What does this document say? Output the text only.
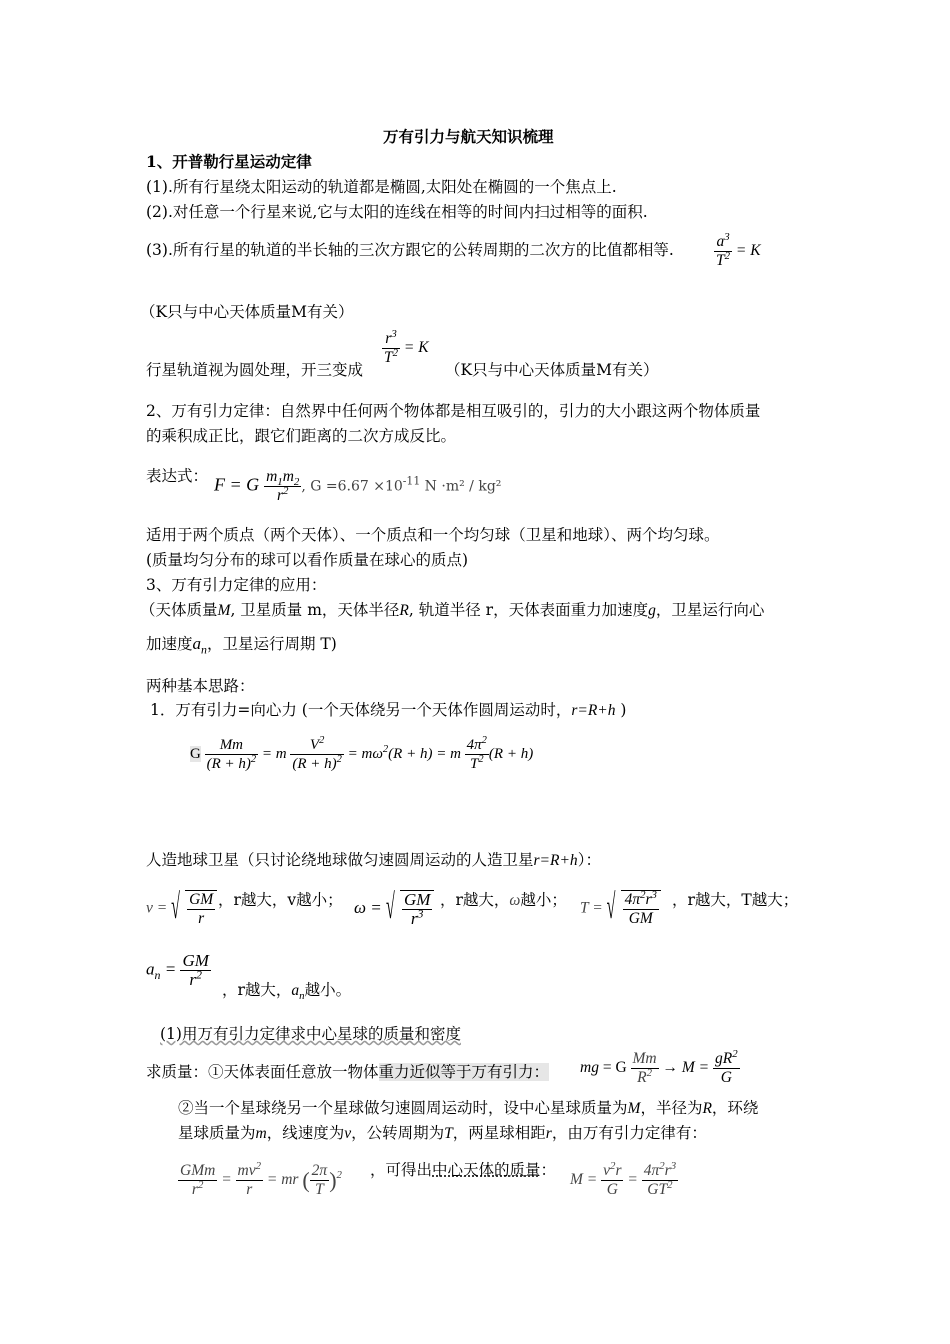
万有引力与航天知识梳理
1、开普勒行星运动定律
(1).所有行星绕太阳运动的轨道都是椭圆,太阳处在椭圆的一个焦点上.
(2).对任意一个行星来说,它与太阳的连线在相等的时间内扫过相等的面积.
(3).所有行星的轨道的半长轴的三次方跟它的公转周期的二次方的比值都相等.	$\frac{a^3}{T^2} = K$
（K只与中心天体质量M有关）
行星轨道视为圆处理，开三变成
$\frac{r^3}{T^2} = K$
（K只与中心天体质量M有关）
2、万有引力定律：自然界中任何两个物体都是相互吸引的，引力的大小跟这两个物体质量
的乘积成正比，跟它们距离的二次方成反比。
表达式： F = G $\frac{m_1m_2}{r^2}$ , $G =6.67 \times 10^{-11}$ N ·m² / kg²
适用于两个质点（两个天体）、一个质点和一个均匀球（卫星和地球）、两个均匀球。
(质量均匀分布的球可以看作质量在球心的质点)
3、万有引力定律的应用：
（天体质量M, 卫星质量 m，天体半径R, 轨道半径 r，天体表面重力加速度g，卫星运行向心
加速度$a_n$，卫星运行周期 T)
两种基本思路：
1．万有引力=向心力 (一个天体绕另一个天体作圆周运动时，r=R+h )
G $\frac{Mm}{(R + h)^2} = m \frac{V^2}{(R + h)^2} = m\omega^2(R + h) = m \frac{4\pi^2}{T^2} (R + h)$
人造地球卫星（只讨论绕地球做匀速圆周运动的人造卫星r=R+h）：
v = √ $\frac{GM}{r}$ ，r越大，v越小； ω = √ $\frac{GM}{r^3}$ ，r越大，ω越小； T = √ $\frac{4\pi^2r^3}{GM}$ ，r越大，T越大；
$a_n = \frac{GM}{r^2}$
，r越大，$a_n$越小。
(1)用万有引力定律求中心星球的质量和密度
求质量：①天体表面任意放一物体重力近似等于万有引力： mg = G $\frac{Mm}{R^2} \to M = \frac{gR^2}{G}$
②当一个星球绕另一个星球做匀速圆周运动时，设中心星球质量为M，半径为R，环绕
星球质量为m，线速度为v，公转周期为T，两星球相距r，由万有引力定律有：
$\frac{\text{GMm}}{r^2} = \frac{mv^2}{r}$ = mr ( $\frac{2\pi}{T} )^2$ ，可得出中心天体的质量：
$M = \frac{v^2r}{G} = \frac{4\pi^2r^3}{GT^2}$
